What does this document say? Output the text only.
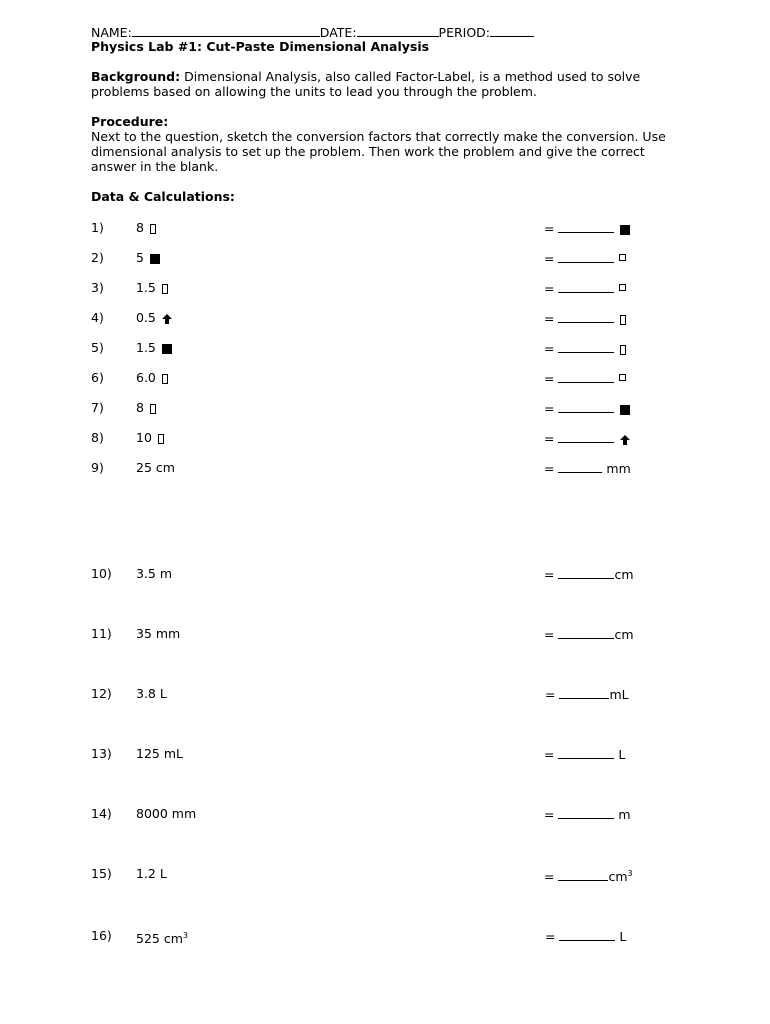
NAME:	DATE:	PERIOD:
Physics Lab #1: Cut-Paste Dimensional Analysis
Background: Dimensional Analysis, also called Factor-Label, is a method used to solve problems based on allowing the units to lead you through the problem.
Procedure:
Next to the question, sketch the conversion factors that correctly make the conversion. Use dimensional analysis to set up the problem. Then work the problem and give the correct answer in the blank.
Data & Calculations:
1)	8	=
2)	5	=
3)	1.5	=
4)	0.5	=
5)	1.5	=
6)	6.0	=
7)	8	=
8)	10	=
9)	25 cm	=	mm
10) 3.5 m	=	cm
11) 35 mm	=	cm
12) 3.8 L	=	mL
13) 125 mL	=	L
14) 8000 mm	=	m
15) 1.2 L	=	$cm^3$
16) 525 $cm^3$	=	L
